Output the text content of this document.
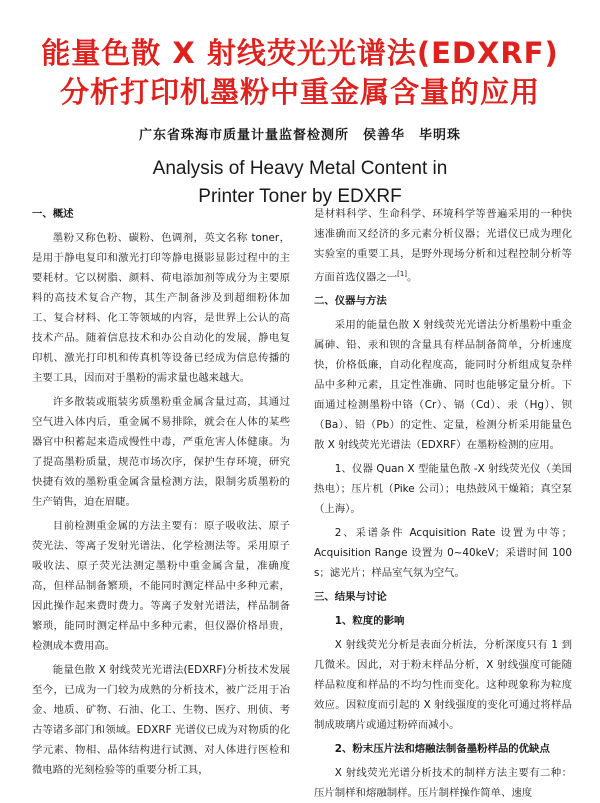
能量色散 X 射线荧光光谱法(EDXRF)
分析打印机墨粉中重金属含量的应用
广东省珠海市质量计量监督检测所　侯善华　毕明珠
Analysis of Heavy Metal Content in
Printer Toner by EDXRF
一、概述

墨粉又称色粉、碳粉、色调剂，英文名称 toner，是用于静电复印和激光打印等静电摄影显影过程中的主要耗材。它以树脂、颜料、荷电添加剂等成分为主要原料的高技术复合产物，其生产制备涉及到超细粉体加工、复合材料、化工等领域的内容，是世界上公认的高技术产品。随着信息技术和办公自动化的发展，静电复印机、激光打印机和传真机等设备已经成为信息传播的主要工具，因而对于墨粉的需求量也越来越大。

许多散装或瓶装劣质墨粉重金属含量过高，其通过空气进入体内后，重金属不易排除，就会在人体的某些器官中积蓄起来造成慢性中毒，严重危害人体健康。为了提高墨粉质量，规范市场次序，保护生存环境，研究快捷有效的墨粉重金属含量检测方法，限制劣质墨粉的生产销售，迫在眉睫。

目前检测重金属的方法主要有：原子吸收法、原子荧光法、等离子发射光谱法、化学检测法等。采用原子吸收法、原子荧光法测定墨粉中重金属含量，准确度高，但样品制备繁琐，不能同时测定样品中多种元素，因此操作起来费时费力。等离子发射光谱法，样品制备繁琐，能同时测定样品中多种元素，但仪器价格昂贵，检测成本费用高。

能量色散 X 射线荧光光谱法(EDXRF)分析技术发展至今，已成为一门较为成熟的分析技术，被广泛用于冶金、地质、矿物、石油、化工、生物、医疗、刑侦、考古等诸多部门和领域。EDXRF 光谱仪已成为对物质的化学元素、物相、晶体结构进行试测、对人体进行医检和微电路的光刻检验等的重要分析工具，

是材料科学、生命科学、环境科学等普遍采用的一种快速准确而又经济的多元素分析仪器；光谱仪已成为理化实验室的重要工具，是野外现场分析和过程控制分析等方面首选仪器之一[1]。

二、仪器与方法

采用的能量色散 X 射线荧光光谱法分析墨粉中重金属砷、铅、汞和钡的含量具有样品制备简单，分析速度快，价格低廉，自动化程度高，能同时分析组成复杂样品中多种元素，且定性准确、同时也能够定量分析。下面通过检测墨粉中铬（Cr）、镉（Cd）、汞（Hg）、钡（Ba）、铅（Pb）的定性、定量，检测分析采用能量色散 X 射线荧光光谱法（EDXRF）在墨粉检测的应用。

1、仪器 Quan X 型能量色散 -X 射线荧光仪（美国热电）；压片机（Pike 公司）；电热鼓风干燥箱；真空泵（上海）。

2、采谱条件 Acquisition Rate 设置为中等；Acquisition Range 设置为 0~40keV；采谱时间 100 s；滤光片；样品室气氛为空气。

三、结果与讨论
1、粒度的影响

X 射线荧光分析是表面分析法，分析深度只有 1 到几微米。因此，对于粉末样品分析，X 射线强度可能随样品粒度和样品的不均匀性而变化。这种现象称为粒度效应。因粒度而引起的 X 射线强度的变化可通过将样品制成玻璃片或通过粉碎而减小。

2、粉末压片法和熔融法制备墨粉样品的优缺点

X 射线荧光光谱分析技术的制样方法主要有二种：压片制样和熔融制样。压片制样操作简单、速度
